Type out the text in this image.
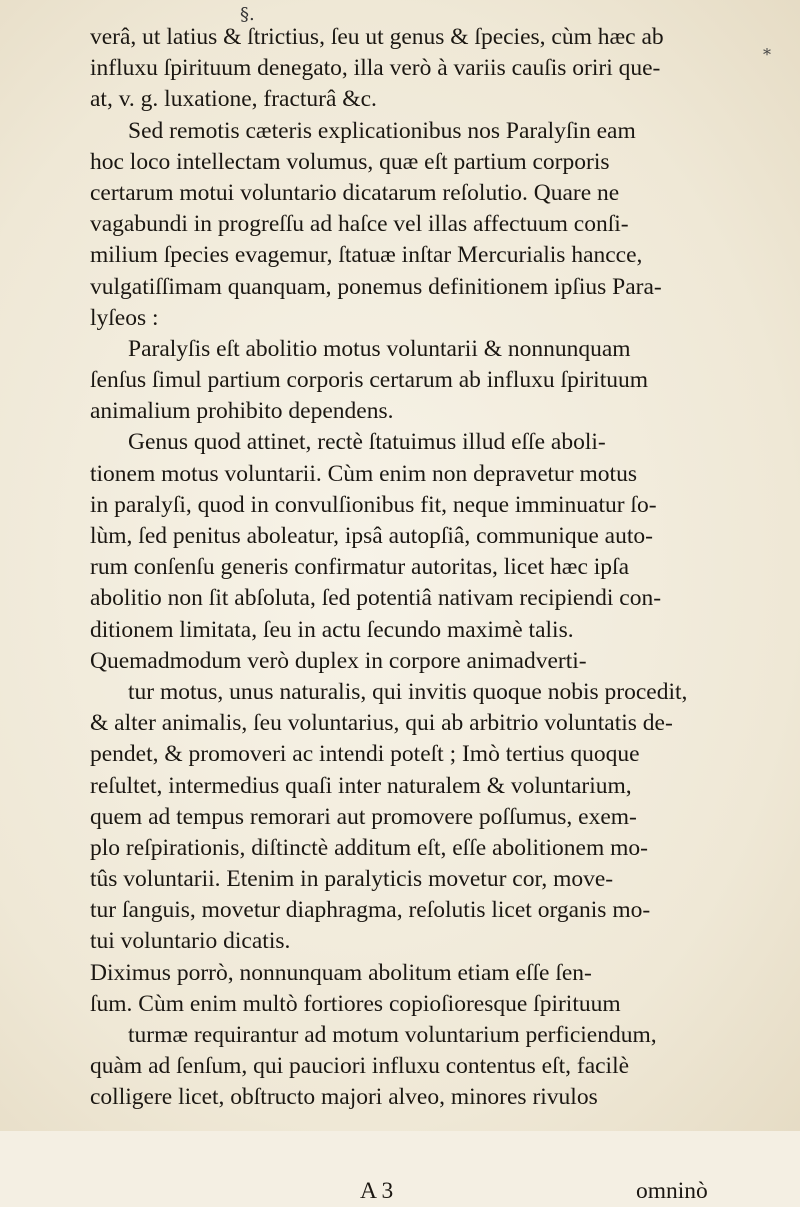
§.
*
verâ, ut latius & ſtrictius, ſeu ut genus & ſpecies, cùm hæc ab
influxu ſpirituum denegato, illa verò à variis cauſis oriri que-
at, v. g. luxatione, fracturâ &c.
Sed remotis cæteris explicationibus nos Paralyſin eam
hoc loco intellectam volumus, quæ eſt partium corporis
certarum motui voluntario dicatarum reſolutio. Quare ne
vagabundi in progreſſu ad haſce vel illas affectuum conſi-
milium ſpecies evagemur, ſtatuæ inſtar Mercurialis hancce,
vulgatiſſimam quanquam, ponemus definitionem ipſius Para-
lyſeos :
Paralyſis eſt abolitio motus voluntarii & nonnunquam
ſenſus ſimul partium corporis certarum ab influxu ſpirituum
animalium prohibito dependens.
Genus quod attinet, rectè ſtatuimus illud eſſe aboli-
tionem motus voluntarii. Cùm enim non depravetur motus
in paralyſi, quod in convulſionibus fit, neque imminuatur ſo-
lùm, ſed penitus aboleatur, ipsâ autopſiâ, communique auto-
rum conſenſu generis confirmatur autoritas, licet hæc ipſa
abolitio non ſit abſoluta, ſed potentiâ nativam recipiendi con-
ditionem limitata, ſeu in actu ſecundo maximè talis.
Quemadmodum verò duplex in corpore animadverti-
tur motus, unus naturalis, qui invitis quoque nobis procedit,
& alter animalis, ſeu voluntarius, qui ab arbitrio voluntatis de-
pendet, & promoveri ac intendi poteſt ; Imò tertius quoque
reſultet, intermedius quaſi inter naturalem & voluntarium,
quem ad tempus remorari aut promovere poſſumus, exem-
plo reſpirationis, diſtinctè additum eſt, eſſe abolitionem mo-
tûs voluntarii. Etenim in paralyticis movetur cor, move-
tur ſanguis, movetur diaphragma, reſolutis licet organis mo-
tui voluntario dicatis.
Diximus porrò, nonnunquam abolitum etiam eſſe ſen-
ſum. Cùm enim multò fortiores copioſioresque ſpirituum
turmæ requirantur ad motum voluntarium perficiendum,
quàm ad ſenſum, qui pauciori influxu contentus eſt, facilè
colligere licet, obſtructo majori alveo, minores rivulos
A 3	omninò
